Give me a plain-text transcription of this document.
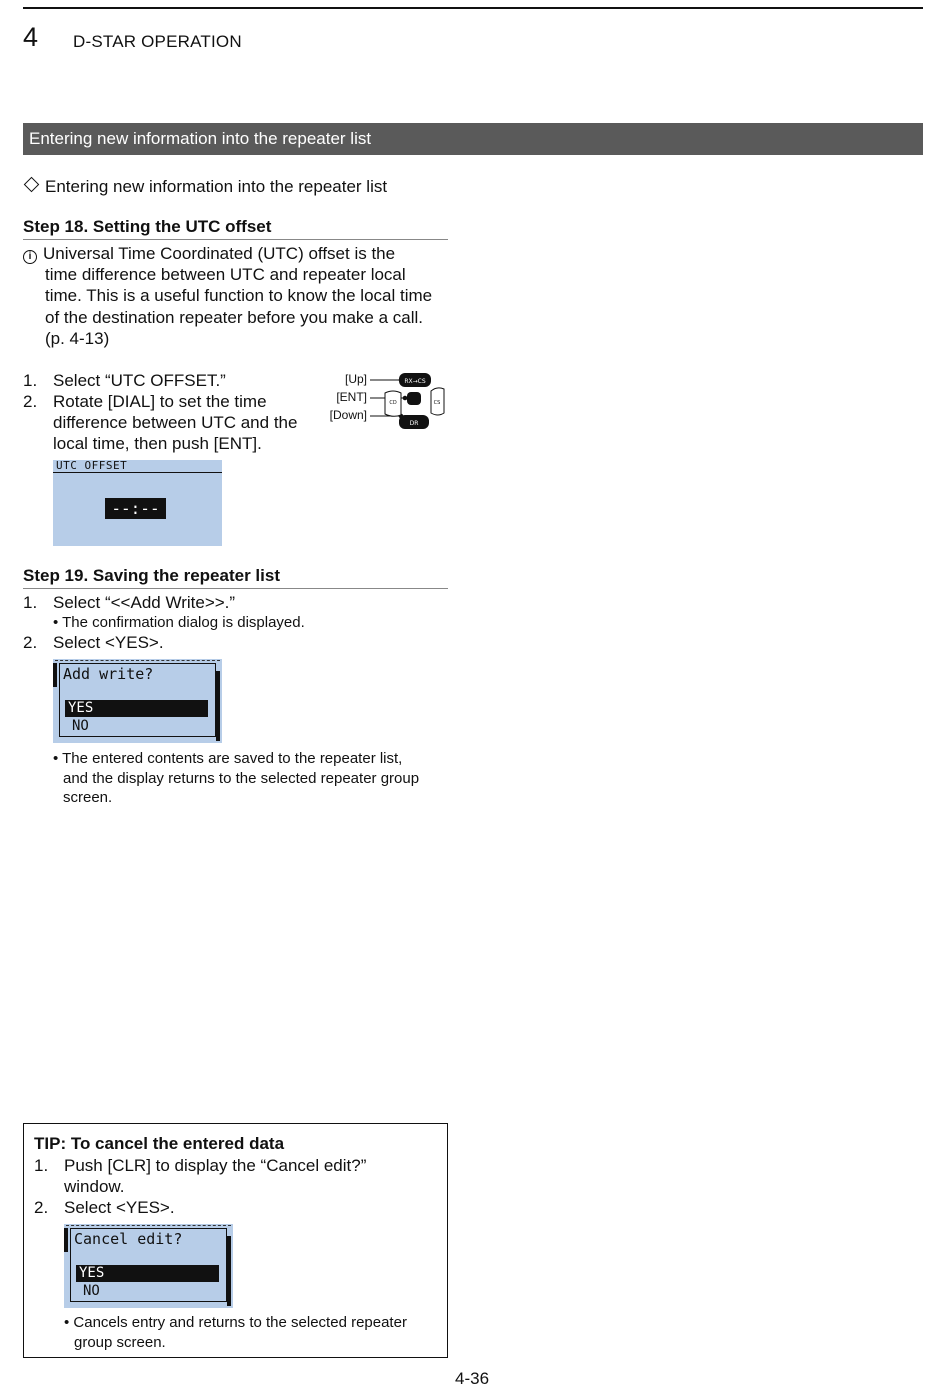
4 D-STAR OPERATION
Entering new information into the repeater list
Entering new information into the repeater list
Step 18. Setting the UTC offset
i Universal Time Coordinated (UTC) offset is the
time difference between UTC and repeater local
time. This is a useful function to know the local time
of the destination repeater before you make a call.
(p. 4-13)
1. Select “UTC OFFSET.”
2. Rotate [DIAL] to set the time
difference between UTC and the
local time, then push [ENT].
[Up]
[ENT]
[Down]
RX→CS
CD	CS
DR
UTC OFFSET
--:--
Step 19. Saving the repeater list
1. Select “<<Add Write>>.”
• The confirmation dialog is displayed.
2. Select <YES>.
Add write?
YES
NO
• The entered contents are saved to the repeater list,
and the display returns to the selected repeater group
screen.
TIP: To cancel the entered data
1. Push [CLR] to display the “Cancel edit?”
window.
2. Select <YES>.
Cancel edit?
YES
NO
• Cancels entry and returns to the selected repeater
group screen.
4-36
